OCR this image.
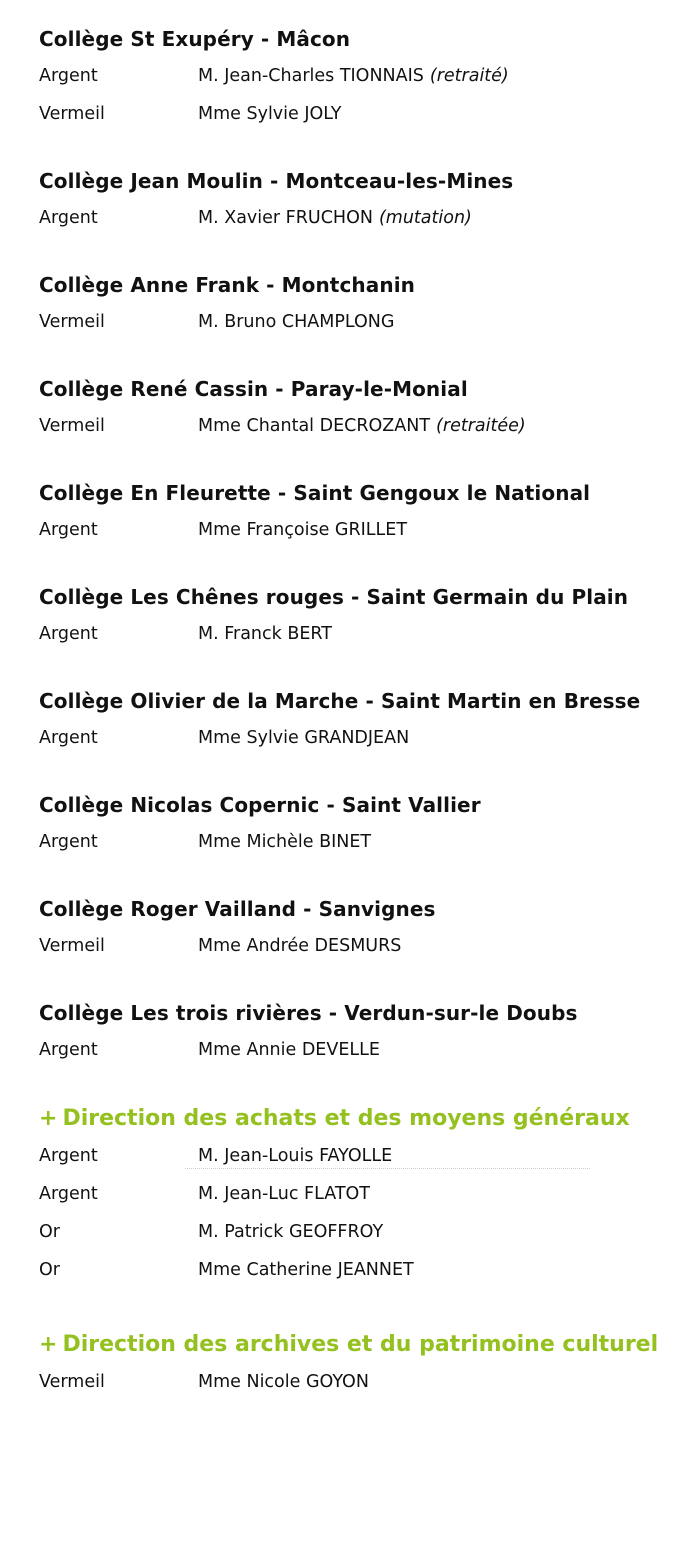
Collège St Exupéry - Mâcon
Argent	M. Jean-Charles TIONNAIS (retraité)
Vermeil	Mme Sylvie JOLY
Collège Jean Moulin - Montceau-les-Mines
Argent	M. Xavier FRUCHON (mutation)
Collège Anne Frank - Montchanin
Vermeil	M. Bruno CHAMPLONG
Collège René Cassin - Paray-le-Monial
Vermeil	Mme Chantal DECROZANT (retraitée)
Collège En Fleurette - Saint Gengoux le National
Argent	Mme Françoise GRILLET
Collège Les Chênes rouges - Saint Germain du Plain
Argent	M. Franck BERT
Collège Olivier de la Marche - Saint Martin en Bresse
Argent	Mme Sylvie GRANDJEAN
Collège Nicolas Copernic - Saint Vallier
Argent	Mme Michèle BINET
Collège Roger Vailland - Sanvignes
Vermeil	Mme Andrée DESMURS
Collège Les trois rivières - Verdun-sur-le Doubs
Argent	Mme Annie DEVELLE
+ Direction des achats et des moyens généraux
Argent	M. Jean-Louis FAYOLLE
Argent	M. Jean-Luc FLATOT
Or	M. Patrick GEOFFROY
Or	Mme Catherine JEANNET
+ Direction des archives et du patrimoine culturel
Vermeil	Mme Nicole GOYON
